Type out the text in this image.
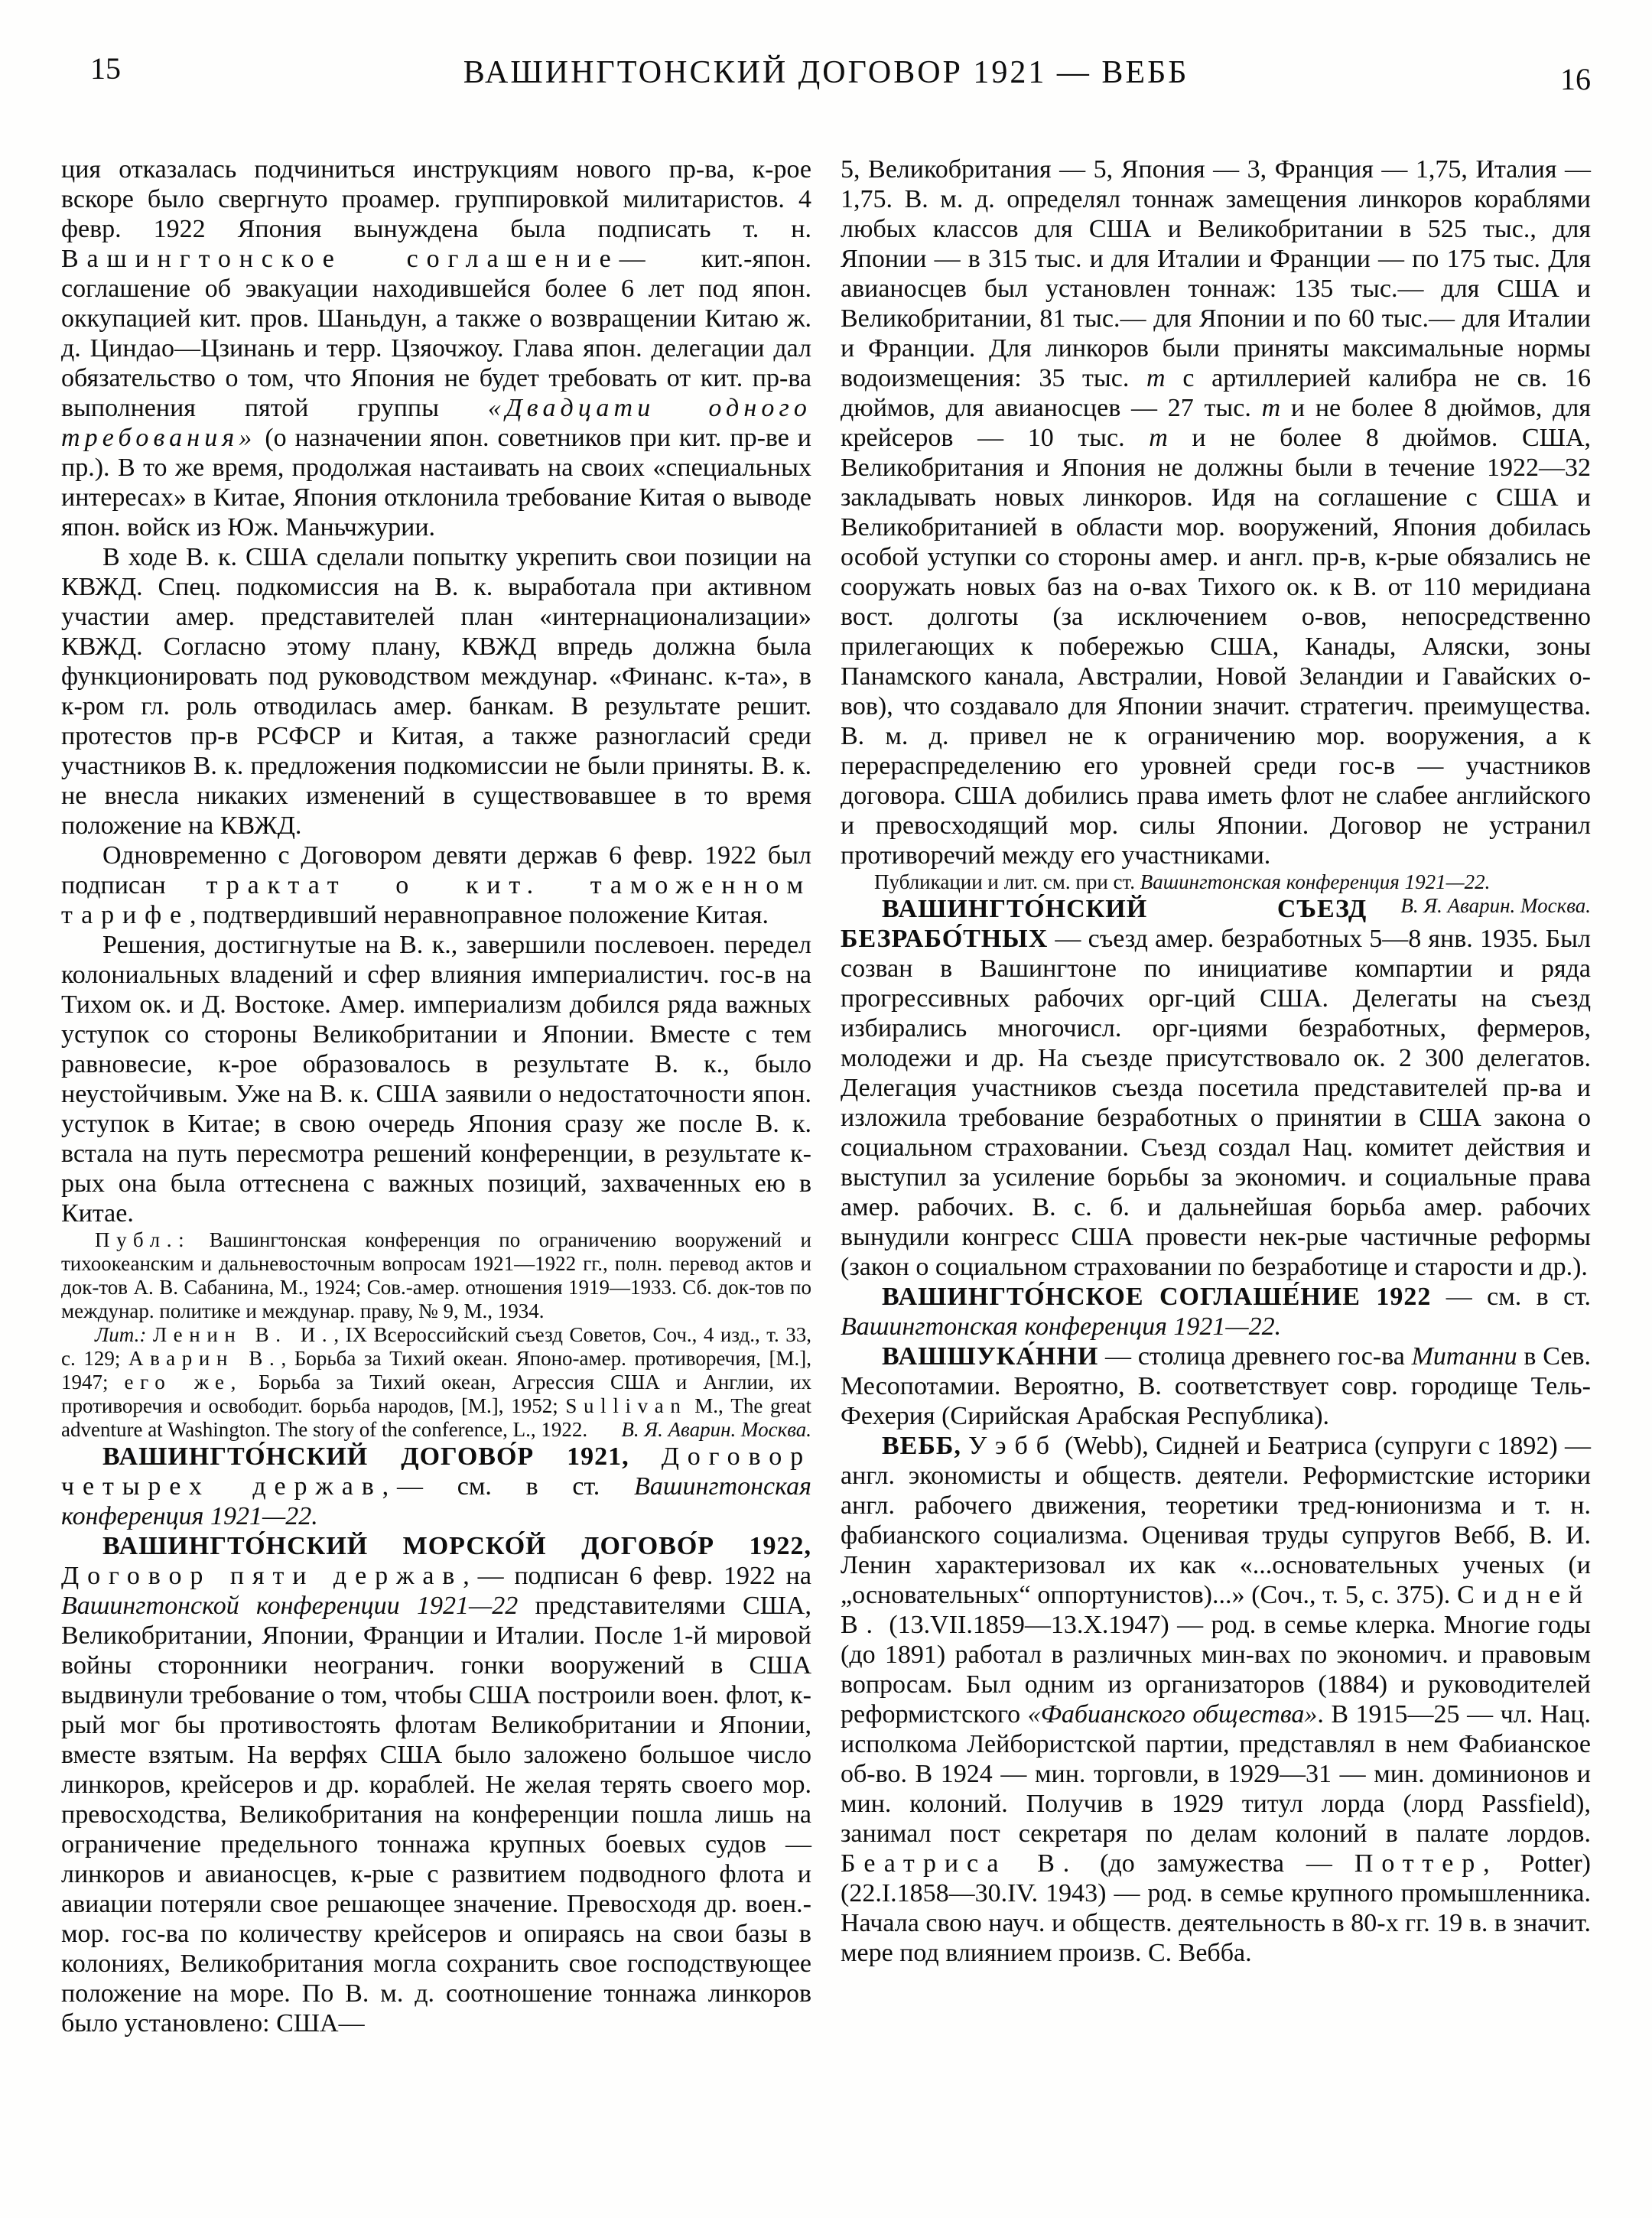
15	ВАШИНГТОНСКИЙ ДОГОВОР 1921 — ВЕББ	16

ция отказалась подчиниться инструкциям нового пр-ва, к-рое вскоре было свергнуто проамер. группировкой милитаристов. 4 февр. 1922 Япония вынуждена была подписать т. н. Вашингтонское соглашение— кит.-япон. соглашение об эвакуации находившейся более 6 лет под япон. оккупацией кит. пров. Шаньдун, а также о возвращении Китаю ж. д. Циндао—Цзинань и терр. Цзяочжоу. Глава япон. делегации дал обязательство о том, что Япония не будет требовать от кит. пр-ва выполнения пятой группы «Двадцати одного требования» (о назначении япон. советников при кит. пр-ве и пр.). В то же время, продолжая настаивать на своих «специальных интересах» в Китае, Япония отклонила требование Китая о выводе япон. войск из Юж. Маньчжурии.

В ходе В. к. США сделали попытку укрепить свои позиции на КВЖД. Спец. подкомиссия на В. к. выработала при активном участии амер. представителей план «интернационализации» КВЖД. Согласно этому плану, КВЖД впредь должна была функционировать под руководством междунар. «Финанс. к-та», в к-ром гл. роль отводилась амер. банкам. В результате решит. протестов пр-в РСФСР и Китая, а также разногласий среди участников В. к. предложения подкомиссии не были приняты. В. к. не внесла никаких изменений в существовавшее в то время положение на КВЖД.

Одновременно с Договором девяти держав 6 февр. 1922 был подписан трактат о кит. таможенном тарифе, подтвердивший неравноправное положение Китая.

Решения, достигнутые на В. к., завершили послевоен. передел колониальных владений и сфер влияния империалистич. гос-в на Тихом ок. и Д. Востоке. Амер. империализм добился ряда важных уступок со стороны Великобритании и Японии. Вместе с тем равновесие, к-рое образовалось в результате В. к., было неустойчивым. Уже на В. к. США заявили о недостаточности япон. уступок в Китае; в свою очередь Япония сразу же после В. к. встала на путь пересмотра решений конференции, в результате к-рых она была оттеснена с важных позиций, захваченных ею в Китае.

Публ.: Вашингтонская конференция по ограничению вооружений и тихоокеанским и дальневосточным вопросам 1921—1922 гг., полн. перевод актов и док-тов А. В. Сабанина, М., 1924; Сов.-амер. отношения 1919—1933. Сб. док-тов по междунар. политике и междунар. праву, № 9, М., 1934.

Лит.: Ленин В. И., IX Всероссийский съезд Советов, Соч., 4 изд., т. 33, с. 129; Аварин В., Борьба за Тихий океан. Японо-амер. противоречия, [М.], 1947; его же, Борьба за Тихий океан, Агрессия США и Англии, их противоречия и освободит. борьба народов, [М.], 1952; Sullivan М., The great adventure at Washington. The story of the conference, L., 1922.	В. Я. Аварин. Москва.

ВАШИНГТО́НСКИЙ ДОГОВО́Р 1921, Договор четырех держав,— см. в ст. Вашингтонская конференция 1921—22.

ВАШИНГТО́НСКИЙ МОРСКО́Й ДОГОВО́Р 1922, Договор пяти держав,— подписан 6 февр. 1922 на Вашингтонской конференции 1921—22 представителями США, Великобритании, Японии, Франции и Италии. После 1-й мировой войны сторонники неогранич. гонки вооружений в США выдвинули требование о том, чтобы США построили воен. флот, к-рый мог бы противостоять флотам Великобритании и Японии, вместе взятым. На верфях США было заложено большое число линкоров, крейсеров и др. кораблей. Не желая терять своего мор. превосходства, Великобритания на конференции пошла лишь на ограничение предельного тоннажа крупных боевых судов — линкоров и авианосцев, к-рые с развитием подводного флота и авиации потеряли свое решающее значение. Превосходя др. воен.-мор. гос-ва по количеству крейсеров и опираясь на свои базы в колониях, Великобритания могла сохранить свое господствующее положение на море. По В. м. д. соотношение тоннажа линкоров было установлено: США—

5, Великобритания — 5, Япония — 3, Франция — 1,75, Италия — 1,75. В. м. д. определял тоннаж замещения линкоров кораблями любых классов для США и Великобритании в 525 тыс., для Японии — в 315 тыс. и для Италии и Франции — по 175 тыс. Для авианосцев был установлен тоннаж: 135 тыс.— для США и Великобритании, 81 тыс.— для Японии и по 60 тыс.— для Италии и Франции. Для линкоров были приняты максимальные нормы водоизмещения: 35 тыс. т с артиллерией калибра не св. 16 дюймов, для авианосцев — 27 тыс. т и не более 8 дюймов, для крейсеров — 10 тыс. т и не более 8 дюймов. США, Великобритания и Япония не должны были в течение 1922—32 закладывать новых линкоров. Идя на соглашение с США и Великобританией в области мор. вооружений, Япония добилась особой уступки со стороны амер. и англ. пр-в, к-рые обязались не сооружать новых баз на о-вах Тихого ок. к В. от 110 меридиана вост. долготы (за исключением о-вов, непосредственно прилегающих к побережью США, Канады, Аляски, зоны Панамского канала, Австралии, Новой Зеландии и Гавайских о-вов), что создавало для Японии значит. стратегич. преимущества. В. м. д. привел не к ограничению мор. вооружения, а к перераспределению его уровней среди гос-в — участников договора. США добились права иметь флот не слабее английского и превосходящий мор. силы Японии. Договор не устранил противоречий между его участниками.

Публикации и лит. см. при ст. Вашингтонская конференция 1921—22.
В. Я. Аварин. Москва.

ВАШИНГТО́НСКИЙ СЪЕЗД БЕЗРАБО́ТНЫХ — съезд амер. безработных 5—8 янв. 1935. Был созван в Вашингтоне по инициативе компартии и ряда прогрессивных рабочих орг-ций США. Делегаты на съезд избирались многочисл. орг-циями безработных, фермеров, молодежи и др. На съезде присутствовало ок. 2 300 делегатов. Делегация участников съезда посетила представителей пр-ва и изложила требование безработных о принятии в США закона о социальном страховании. Съезд создал Нац. комитет действия и выступил за усиление борьбы за экономич. и социальные права амер. рабочих. В. с. б. и дальнейшая борьба амер. рабочих вынудили конгресс США провести нек-рые частичные реформы (закон о социальном страховании по безработице и старости и др.).

ВАШИНГТО́НСКОЕ СОГЛАШЕ́НИЕ 1922 — см. в ст. Вашингтонская конференция 1921—22.

ВАШШУКА́ННИ — столица древнего гос-ва Митанни в Сев. Месопотамии. Вероятно, В. соответствует совр. городище Тель-Фехерия (Сирийская Арабская Республика).

ВЕББ, Уэбб (Webb), Сидней и Беатриса (супруги с 1892) — англ. экономисты и обществ. деятели. Реформистские историки англ. рабочего движения, теоретики тред-юнионизма и т. н. фабианского социализма. Оценивая труды супругов Вебб, В. И. Ленин характеризовал их как «...основательных ученых (и „основательных“ оппортунистов)...» (Соч., т. 5, с. 375). Сидней В. (13.VII.1859—13.X.1947) — род. в семье клерка. Многие годы (до 1891) работал в различных мин-вах по экономич. и правовым вопросам. Был одним из организаторов (1884) и руководителей реформистского «Фабианского общества». В 1915—25 — чл. Нац. исполкома Лейбористской партии, представлял в нем Фабианское об-во. В 1924 — мин. торговли, в 1929—31 — мин. доминионов и мин. колоний. Получив в 1929 титул лорда (лорд Passfield), занимал пост секретаря по делам колоний в палате лордов. Беатриса В. (до замужества — Поттер, Potter) (22.I.1858—30.IV. 1943) — род. в семье крупного промышленника. Начала свою науч. и обществ. деятельность в 80-х гг. 19 в. в значит. мере под влиянием произв. С. Вебба.
